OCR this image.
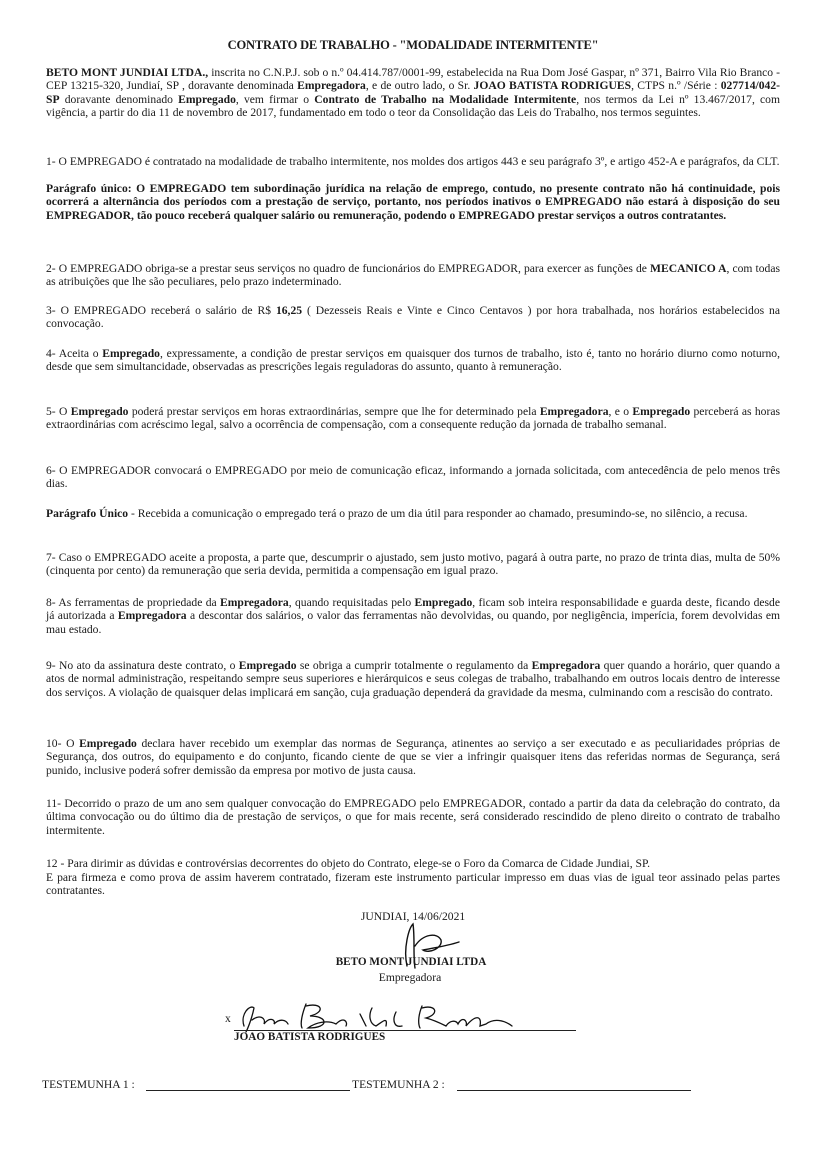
CONTRATO DE TRABALHO - "MODALIDADE INTERMITENTE"

BETO MONT JUNDIAI LTDA., inscrita no C.N.P.J. sob o n.º 04.414.787/0001-99, estabelecida na Rua Dom José Gaspar, nº 371, Bairro Vila Rio Branco - CEP 13215-320, Jundiaí, SP , doravante denominada Empregadora, e de outro lado, o Sr. JOAO BATISTA RODRIGUES, CTPS n.º /Série : 027714/042-SP doravante denominado Empregado, vem firmar o Contrato de Trabalho na Modalidade Intermitente, nos termos da Lei nº 13.467/2017, com vigência, a partir do dia 11 de novembro de 2017, fundamentado em todo o teor da Consolidação das Leis do Trabalho, nos termos seguintes.

1- O EMPREGADO é contratado na modalidade de trabalho intermitente, nos moldes dos artigos 443 e seu parágrafo 3º, e artigo 452-A e parágrafos, da CLT.

Parágrafo único: O EMPREGADO tem subordinação jurídica na relação de emprego, contudo, no presente contrato não há continuidade, pois ocorrerá a alternância dos períodos com a prestação de serviço, portanto, nos períodos inativos o EMPREGADO não estará à disposição do seu EMPREGADOR, tão pouco receberá qualquer salário ou remuneração, podendo o EMPREGADO prestar serviços a outros contratantes.

2- O EMPREGADO obriga-se a prestar seus serviços no quadro de funcionários do EMPREGADOR, para exercer as funções de MECANICO A, com todas as atribuições que lhe são peculiares, pelo prazo indeterminado.

3- O EMPREGADO receberá o salário de R$ 16,25 ( Dezesseis Reais e Vinte e Cinco Centavos ) por hora trabalhada, nos horários estabelecidos na convocação.

4- Aceita o Empregado, expressamente, a condição de prestar serviços em quaisquer dos turnos de trabalho, isto é, tanto no horário diurno como noturno, desde que sem simultancidade, observadas as prescrições legais reguladoras do assunto, quanto à remuneração.

5- O Empregado poderá prestar serviços em horas extraordinárias, sempre que lhe for determinado pela Empregadora, e o Empregado perceberá as horas extraordinárias com acréscimo legal, salvo a ocorrência de compensação, com a consequente redução da jornada de trabalho semanal.

6- O EMPREGADOR convocará o EMPREGADO por meio de comunicação eficaz, informando a jornada solicitada, com antecedência de pelo menos três dias.

Parágrafo Único - Recebida a comunicação o empregado terá o prazo de um dia útil para responder ao chamado, presumindo-se, no silêncio, a recusa.

7- Caso o EMPREGADO aceite a proposta, a parte que, descumprir o ajustado, sem justo motivo, pagará à outra parte, no prazo de trinta dias, multa de 50% (cinquenta por cento) da remuneração que seria devida, permitida a compensação em igual prazo.

8- As ferramentas de propriedade da Empregadora, quando requisitadas pelo Empregado, ficam sob inteira responsabilidade e guarda deste, ficando desde já autorizada a Empregadora a descontar dos salários, o valor das ferramentas não devolvidas, ou quando, por negligência, imperícia, forem devolvidas em mau estado.

9- No ato da assinatura deste contrato, o Empregado se obriga a cumprir totalmente o regulamento da Empregadora quer quando a horário, quer quando a atos de normal administração, respeitando sempre seus superiores e hierárquicos e seus colegas de trabalho, trabalhando em outros locais dentro de interesse dos serviços. A violação de quaisquer delas implicará em sanção, cuja graduação dependerá da gravidade da mesma, culminando com a rescisão do contrato.

10- O Empregado declara haver recebido um exemplar das normas de Segurança, atinentes ao serviço a ser executado e as peculiaridades próprias de Segurança, dos outros, do equipamento e do conjunto, ficando ciente de que se vier a infringir quaisquer itens das referidas normas de Segurança, será punido, inclusive poderá sofrer demissão da empresa por motivo de justa causa.

11- Decorrido o prazo de um ano sem qualquer convocação do EMPREGADO pelo EMPREGADOR, contado a partir da data da celebração do contrato, da última convocação ou do último dia de prestação de serviços, o que for mais recente, será considerado rescindido de pleno direito o contrato de trabalho intermitente.

12 - Para dirimir as dúvidas e controvérsias decorrentes do objeto do Contrato, elege-se o Foro da Comarca de Cidade Jundiai, SP.

E para firmeza e como prova de assim haverem contratado, fizeram este instrumento particular impresso em duas vias de igual teor assinado pelas partes contratantes.

JUNDIAI, 14/06/2021
BETO MONT JUNDIAI LTDA
Empregadora
x
JOAO BATISTA RODRIGUES
TESTEMUNHA 1 :	TESTEMUNHA 2 :
